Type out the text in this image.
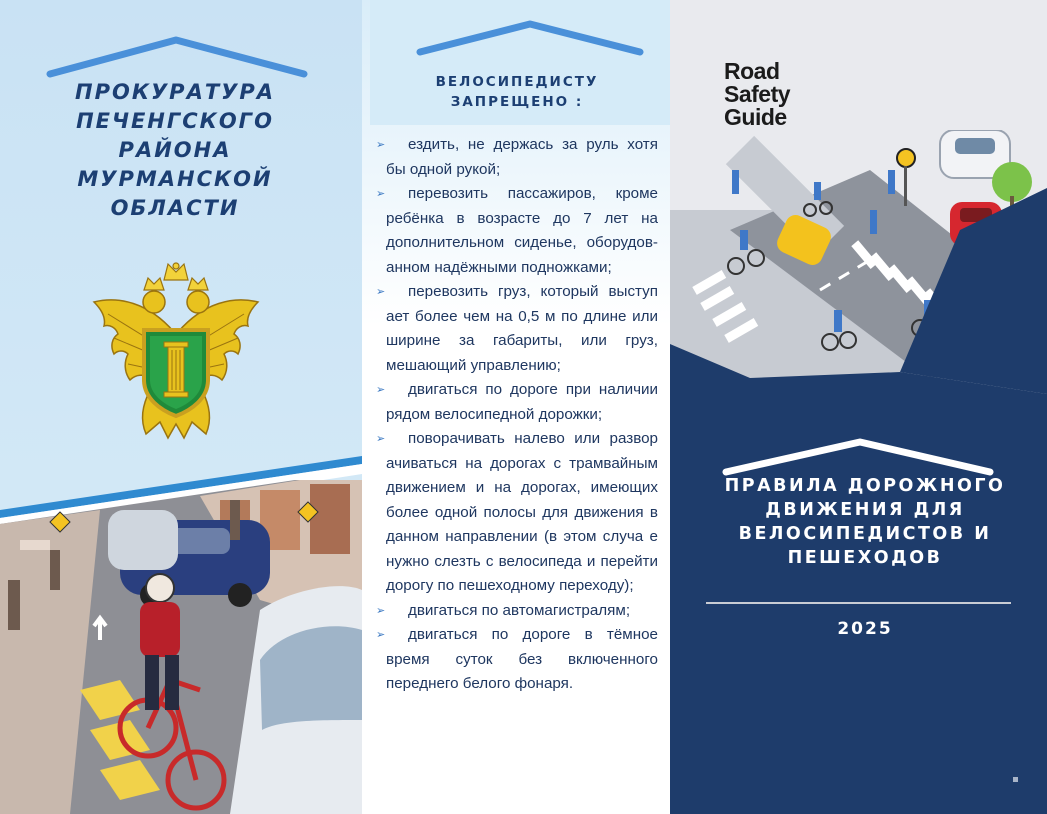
ПРОКУРАТУРА ПЕЧЕНГСКОГО РАЙОНА МУРМАНСКОЙ ОБЛАСТИ
ВЕЛОСИПЕДИСТУ ЗАПРЕЩЕНО :
➢ ездить, не держась за руль хотя бы одной рукой;
➢ перевозить пассажиров, кроме ребёнка в возрасте до 7 лет на дополнительном сиденье, оборудов-анном надёжными подножками;
➢ перевозить груз, который выступ ает более чем на 0,5 м по длине или ширине за габариты, или груз, мешающий управлению;
➢ двигаться по дороге при наличии рядом велосипедной дорожки;
➢ поворачивать налево или развор ачиваться на дорогах с трамвайным движением и на дорогах, имеющих более одной полосы для движения в данном направлении (в этом случа е нужно слезть с велосипеда и перейти дорогу по пешеходному переходу);
➢ двигаться по автомагистралям;
➢ двигаться по дороге в тёмное время суток без включенного переднего белого фонаря.
Road
Safety
Guide
ПРАВИЛА ДОРОЖНОГО ДВИЖЕНИЯ ДЛЯ ВЕЛОСИПЕДИСТОВ И ПЕШЕХОДОВ
2025
